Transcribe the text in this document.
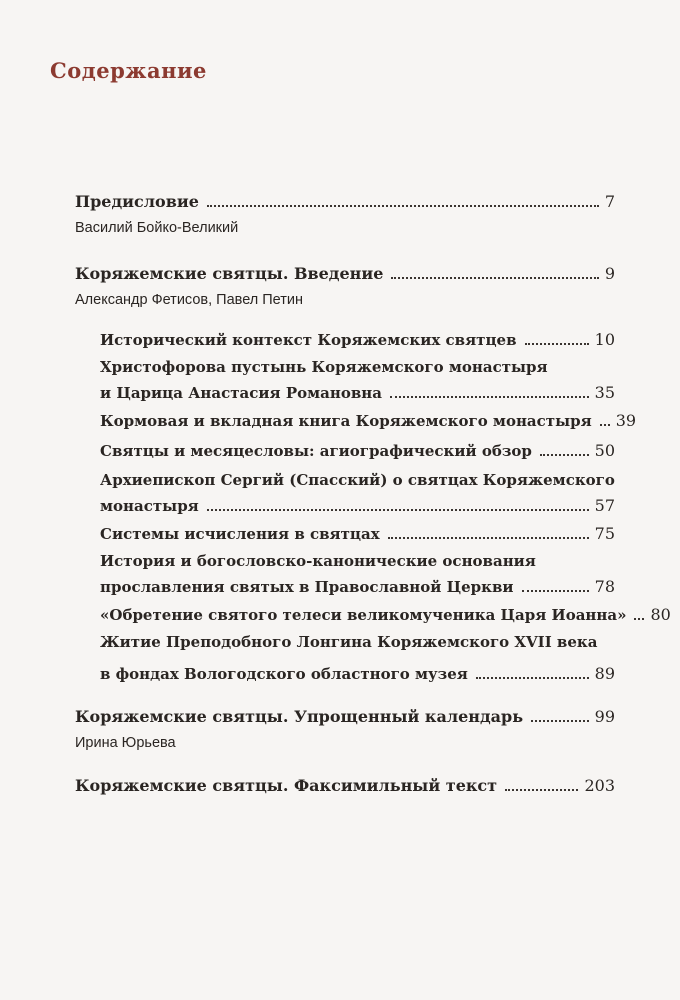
Содержание
Предисловие	7
Василий Бойко-Великий
Коряжемские святцы. Введение	9
Александр Фетисов, Павел Петин
Исторический контекст Коряжемских святцев	10
Христофорова пустынь Коряжемского монастыря
и Царица Анастасия Романовна	35
Кормовая и вкладная книга Коряжемского монастыря 39
Святцы и месяцесловы: агиографический обзор	50
Архиепископ Сергий (Спасский) о святцах Коряжемского
монастыря	57
Системы исчисления в святцах	75
История и богословско-канонические основания
прославления святых в Православной Церкви	78
«Обретение святого телеси великомученика Царя Иоанна» 80
Житие Преподобного Лонгина Коряжемского XVII века
в фондах Вологодского областного музея	89
Коряжемские святцы. Упрощенный календарь	99
Ирина Юрьева
Коряжемские святцы. Факсимильный текст	203
